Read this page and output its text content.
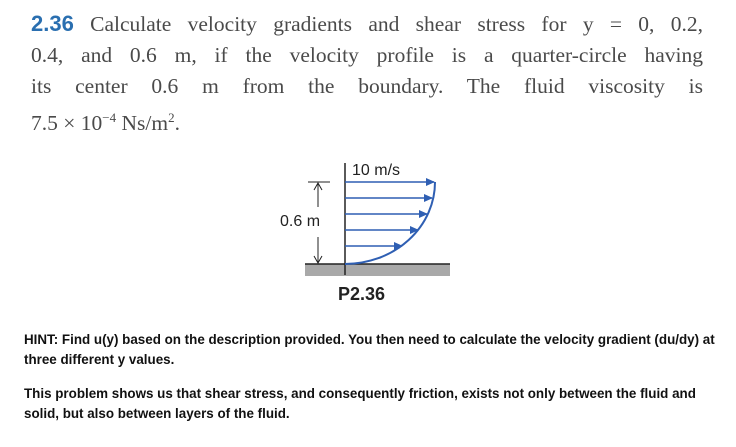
2.36 Calculate velocity gradients and shear stress for y = 0, 0.2,
0.4, and 0.6 m, if the velocity profile is a quarter-circle having
its center 0.6 m from the boundary. The fluid viscosity is
$7.5 \times 10^{-4}$ $Ns/m^2$.
0.6 m
10 m/s
P2.36
HINT: Find u(y) based on the description provided. You then need to calculate the velocity gradient (du/dy) at three different y values.
This problem shows us that shear stress, and consequently friction, exists not only between the fluid and solid, but also between layers of the fluid.
